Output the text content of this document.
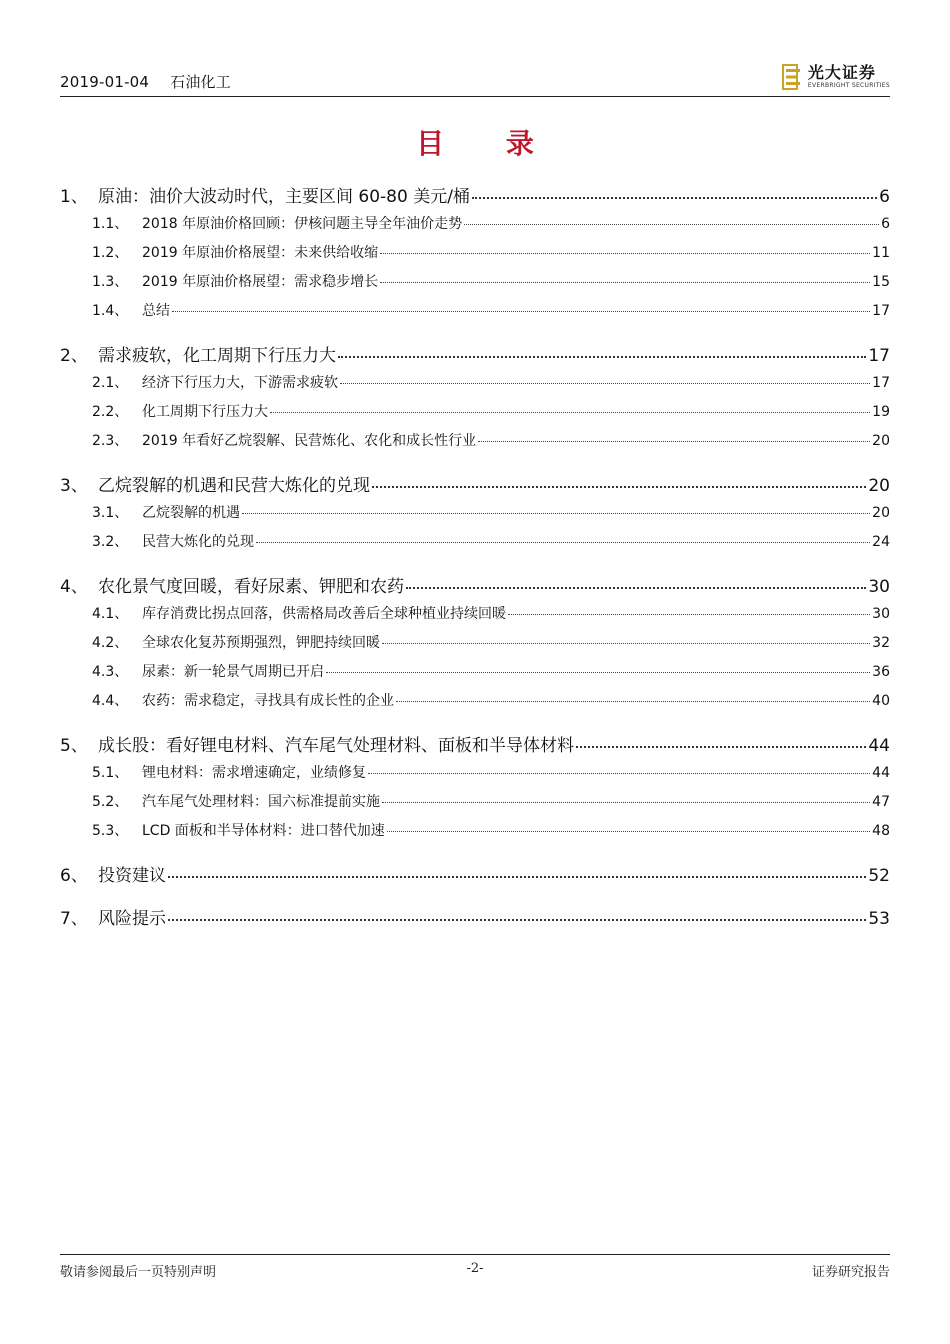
2019-01-04 石油化工	光大证券
EVERBRIGHT SECURITIES
目 录
1、 原油：油价大波动时代，主要区间 60-80 美元/桶	6
1.1、 2018 年原油价格回顾：伊核问题主导全年油价走势	6
1.2、 2019 年原油价格展望：未来供给收缩	11
1.3、 2019 年原油价格展望：需求稳步增长	15
1.4、 总结	17
2、 需求疲软，化工周期下行压力大	17
2.1、 经济下行压力大，下游需求疲软	17
2.2、 化工周期下行压力大	19
2.3、 2019 年看好乙烷裂解、民营炼化、农化和成长性行业	20
3、 乙烷裂解的机遇和民营大炼化的兑现	20
3.1、 乙烷裂解的机遇	20
3.2、 民营大炼化的兑现	24
4、 农化景气度回暖，看好尿素、钾肥和农药	30
4.1、 库存消费比拐点回落，供需格局改善后全球种植业持续回暖	30
4.2、 全球农化复苏预期强烈，钾肥持续回暖	32
4.3、 尿素：新一轮景气周期已开启	36
4.4、 农药：需求稳定，寻找具有成长性的企业	40
5、 成长股：看好锂电材料、汽车尾气处理材料、面板和半导体材料	44
5.1、 锂电材料：需求增速确定，业绩修复	44
5.2、 汽车尾气处理材料：国六标准提前实施	47
5.3、 LCD 面板和半导体材料：进口替代加速	48
6、 投资建议	52
7、 风险提示	53
敬请参阅最后一页特别声明	-2-	证券研究报告
